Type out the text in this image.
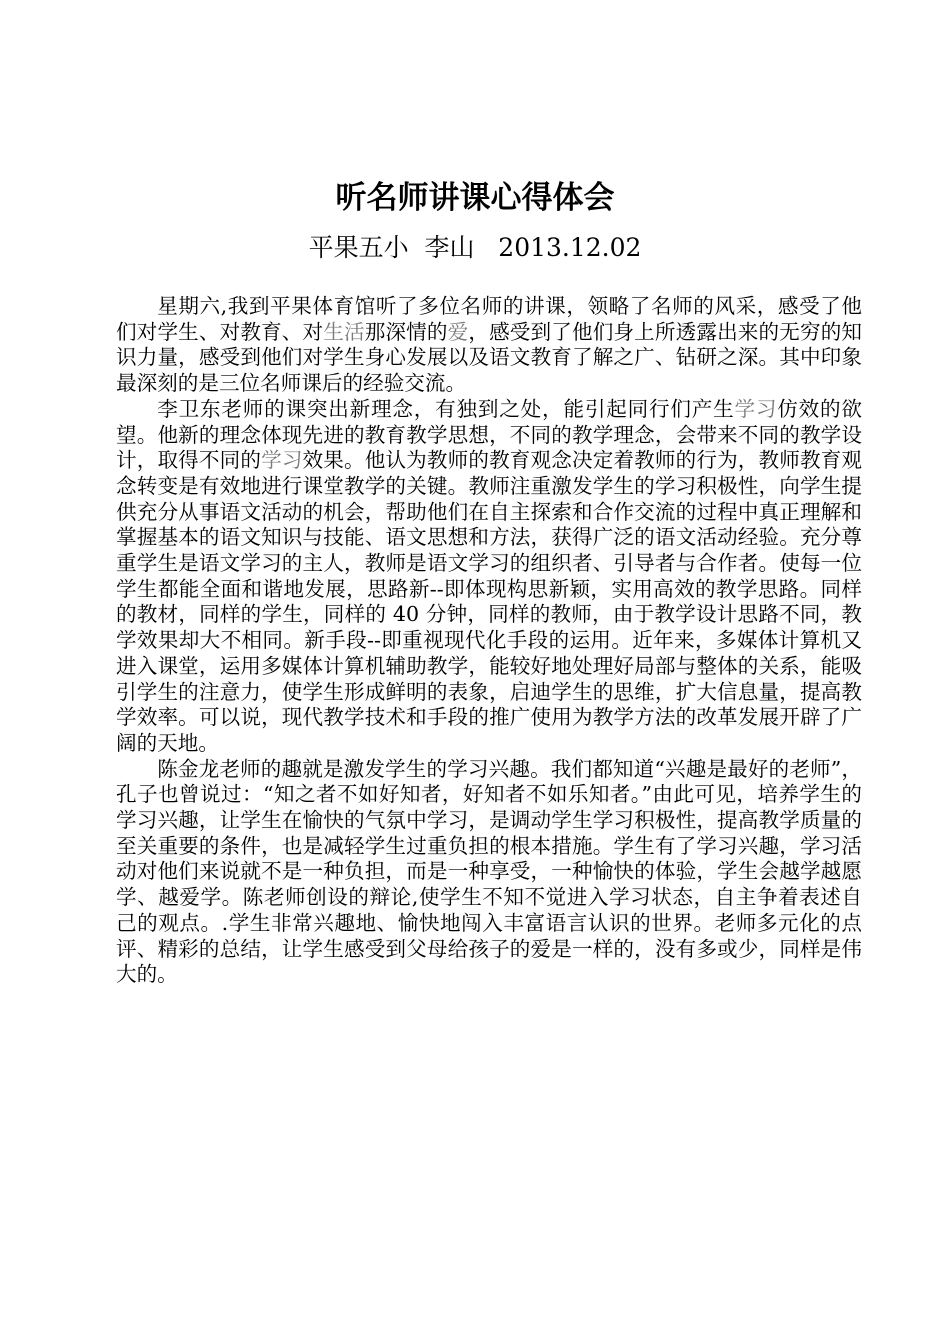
听名师讲课心得体会

平果五小  李山   2013.12.02

星期六,我到平果体育馆听了多位名师的讲课，领略了名师的风采，感受了他们对学生、对教育、对生活那深情的爱，感受到了他们身上所透露出来的无穷的知识力量，感受到他们对学生身心发展以及语文教育了解之广、钻研之深。其中印象最深刻的是三位名师课后的经验交流。

李卫东老师的课突出新理念，有独到之处，能引起同行们产生学习仿效的欲望。他新的理念体现先进的教育教学思想，不同的教学理念，会带来不同的教学设计，取得不同的学习效果。他认为教师的教育观念决定着教师的行为，教师教育观念转变是有效地进行课堂教学的关键。教师注重激发学生的学习积极性，向学生提供充分从事语文活动的机会，帮助他们在自主探索和合作交流的过程中真正理解和掌握基本的语文知识与技能、语文思想和方法，获得广泛的语文活动经验。充分尊重学生是语文学习的主人，教师是语文学习的组织者、引导者与合作者。使每一位学生都能全面和谐地发展，思路新--即体现构思新颖，实用高效的教学思路。同样的教材，同样的学生，同样的 40 分钟，同样的教师，由于教学设计思路不同，教学效果却大不相同。新手段--即重视现代化手段的运用。近年来，多媒体计算机又进入课堂，运用多媒体计算机辅助教学，能较好地处理好局部与整体的关系，能吸引学生的注意力，使学生形成鲜明的表象，启迪学生的思维，扩大信息量，提高教学效率。可以说，现代教学技术和手段的推广使用为教学方法的改革发展开辟了广阔的天地。

陈金龙老师的趣就是激发学生的学习兴趣。我们都知道“兴趣是最好的老师”，孔子也曾说过：“知之者不如好知者，好知者不如乐知者。”由此可见，培养学生的学习兴趣，让学生在愉快的气氛中学习，是调动学生学习积极性，提高教学质量的至关重要的条件，也是减轻学生过重负担的根本措施。学生有了学习兴趣，学习活动对他们来说就不是一种负担，而是一种享受，一种愉快的体验，学生会越学越愿学、越爱学。陈老师创设的辩论,使学生不知不觉进入学习状态，自主争着表述自己的观点。.学生非常兴趣地、愉快地闯入丰富语言认识的世界。老师多元化的点评、精彩的总结，让学生感受到父母给孩子的爱是一样的，没有多或少，同样是伟大的。
